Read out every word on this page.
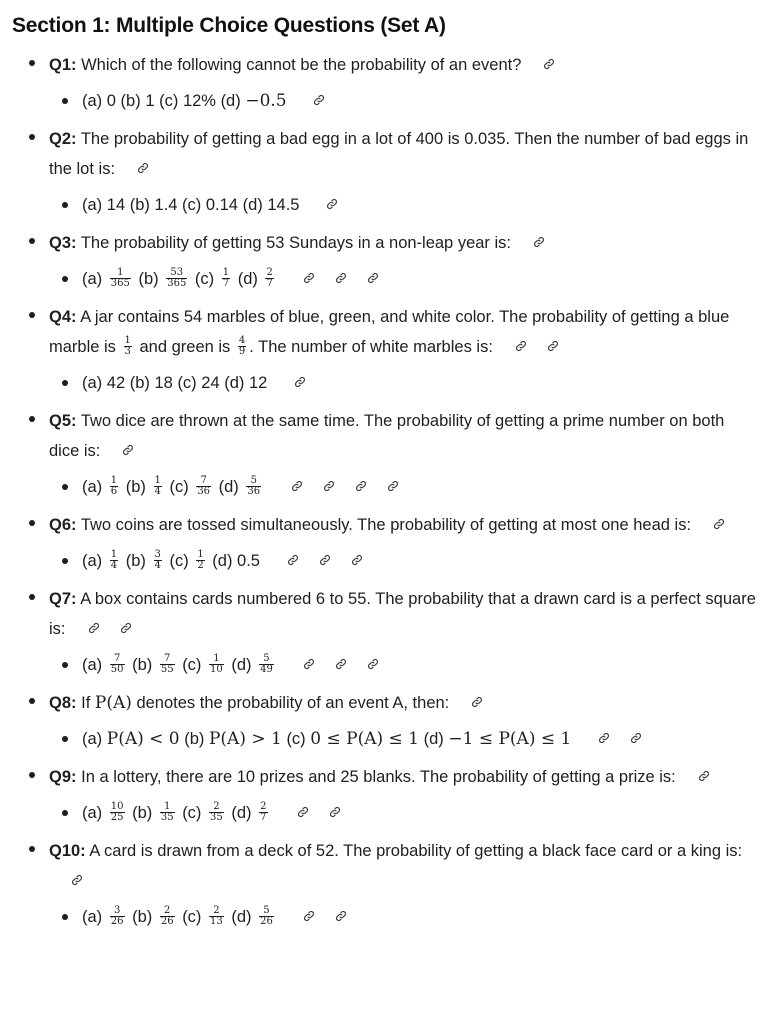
Section 1: Multiple Choice Questions (Set A)
Q1: Which of the following cannot be the probability of an event?
(a) 0 (b) 1 (c) 12% (d) −0.5
Q2: The probability of getting a bad egg in a lot of 400 is 0.035. Then the number of bad eggs in the lot is:
(a) 14 (b) 1.4 (c) 0.14 (d) 14.5
Q3: The probability of getting 53 Sundays in a non-leap year is:
$(a) \frac{1}{365} (b) \frac{53}{365} (c) \frac{1}{7} (d) \frac{2}{7}$

Q4: A jar contains 54 marbles of blue, green, and white color. The probability of getting a blue marble is $\frac{1}{3}$ and green is $\frac{4}{9}$ . The number of white marbles is:
(a) 42 (b) 18 (c) 24 (d) 12
Q5: Two dice are thrown at the same time. The probability of getting a prime number on both dice is:
$(a) \frac{1}{6} (b) \frac{1}{4} (c) \frac{7}{36} (d) \frac{5}{36}$

Q6: Two coins are tossed simultaneously. The probability of getting at most one head is:
$(a) \frac{1}{4} (b) \frac{3}{4} (c) \frac{1}{2} (d)$ 0.5
Q7: A box contains cards numbered 6 to 55. The probability that a drawn card is a perfect square is:
$(a) \frac{7}{50} (b) \frac{7}{55} (c) \frac{1}{10} (d) \frac{5}{49}$

Q8: If P(A) denotes the probability of an event A, then:
(a) P(A) < 0 (b) P(A) > 1 (c) 0 ≤ P(A) ≤ 1 (d) −1 ≤ P(A) ≤ 1
Q9: In a lottery, there are 10 prizes and 25 blanks. The probability of getting a prize is:
$(a) \frac{10}{25} (b) \frac{1}{35} (c) \frac{2}{35} (d) \frac{2}{7}$

Q10: A card is drawn from a deck of 52. The probability of getting a black face card or a king is:
$(a) \frac{3}{26} (b) \frac{2}{26} (c) \frac{2}{13} (d) \frac{5}{26}$
